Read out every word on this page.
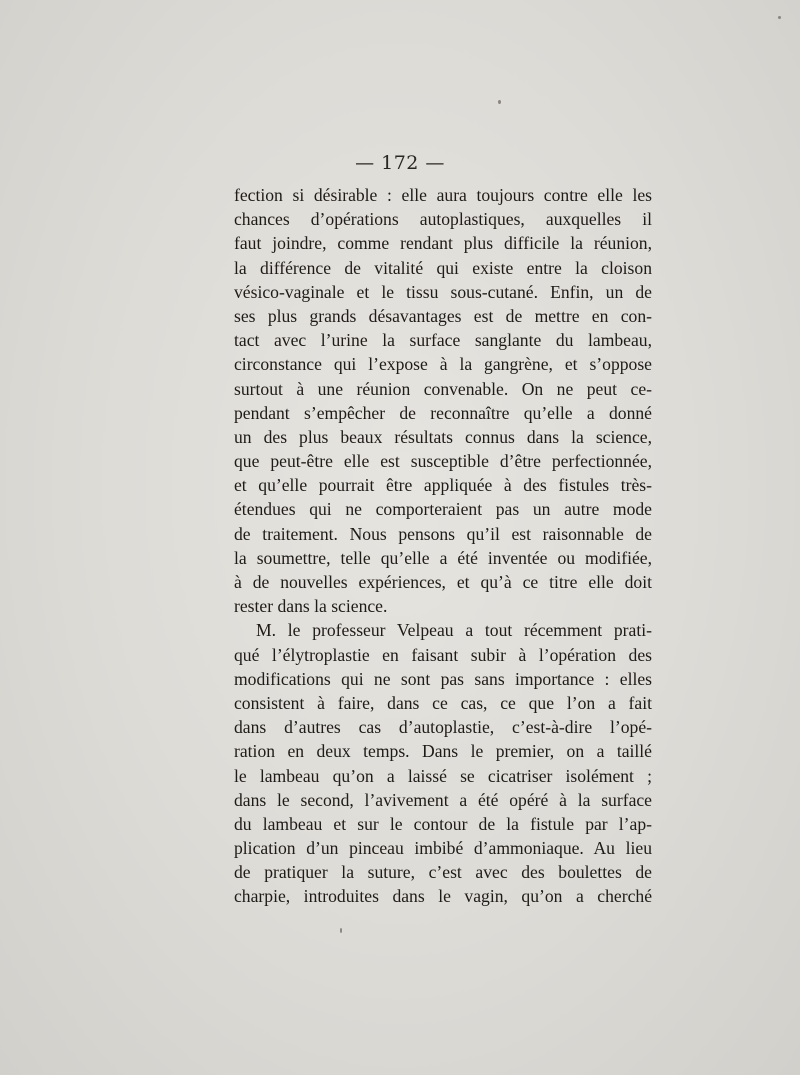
— 172 —
fection si désirable : elle aura toujours contre elle les
chances d’opérations autoplastiques, auxquelles il
faut joindre, comme rendant plus difficile la réunion,
la différence de vitalité qui existe entre la cloison
vésico-vaginale et le tissu sous-cutané. Enfin, un de
ses plus grands désavantages est de mettre en con-
tact avec l’urine la surface sanglante du lambeau,
circonstance qui l’expose à la gangrène, et s’oppose
surtout à une réunion convenable. On ne peut ce-
pendant s’empêcher de reconnaître qu’elle a donné
un des plus beaux résultats connus dans la science,
que peut-être elle est susceptible d’être perfectionnée,
et qu’elle pourrait être appliquée à des fistules très-
étendues qui ne comporteraient pas un autre mode
de traitement. Nous pensons qu’il est raisonnable de
la soumettre, telle qu’elle a été inventée ou modifiée,
à de nouvelles expériences, et qu’à ce titre elle doit
rester dans la science.
M. le professeur Velpeau a tout récemment prati-
qué l’élytroplastie en faisant subir à l’opération des
modifications qui ne sont pas sans importance : elles
consistent à faire, dans ce cas, ce que l’on a fait
dans d’autres cas d’autoplastie, c’est-à-dire l’opé-
ration en deux temps. Dans le premier, on a taillé
le lambeau qu’on a laissé se cicatriser isolément ;
dans le second, l’avivement a été opéré à la surface
du lambeau et sur le contour de la fistule par l’ap-
plication d’un pinceau imbibé d’ammoniaque. Au lieu
de pratiquer la suture, c’est avec des boulettes de
charpie, introduites dans le vagin, qu’on a cherché
